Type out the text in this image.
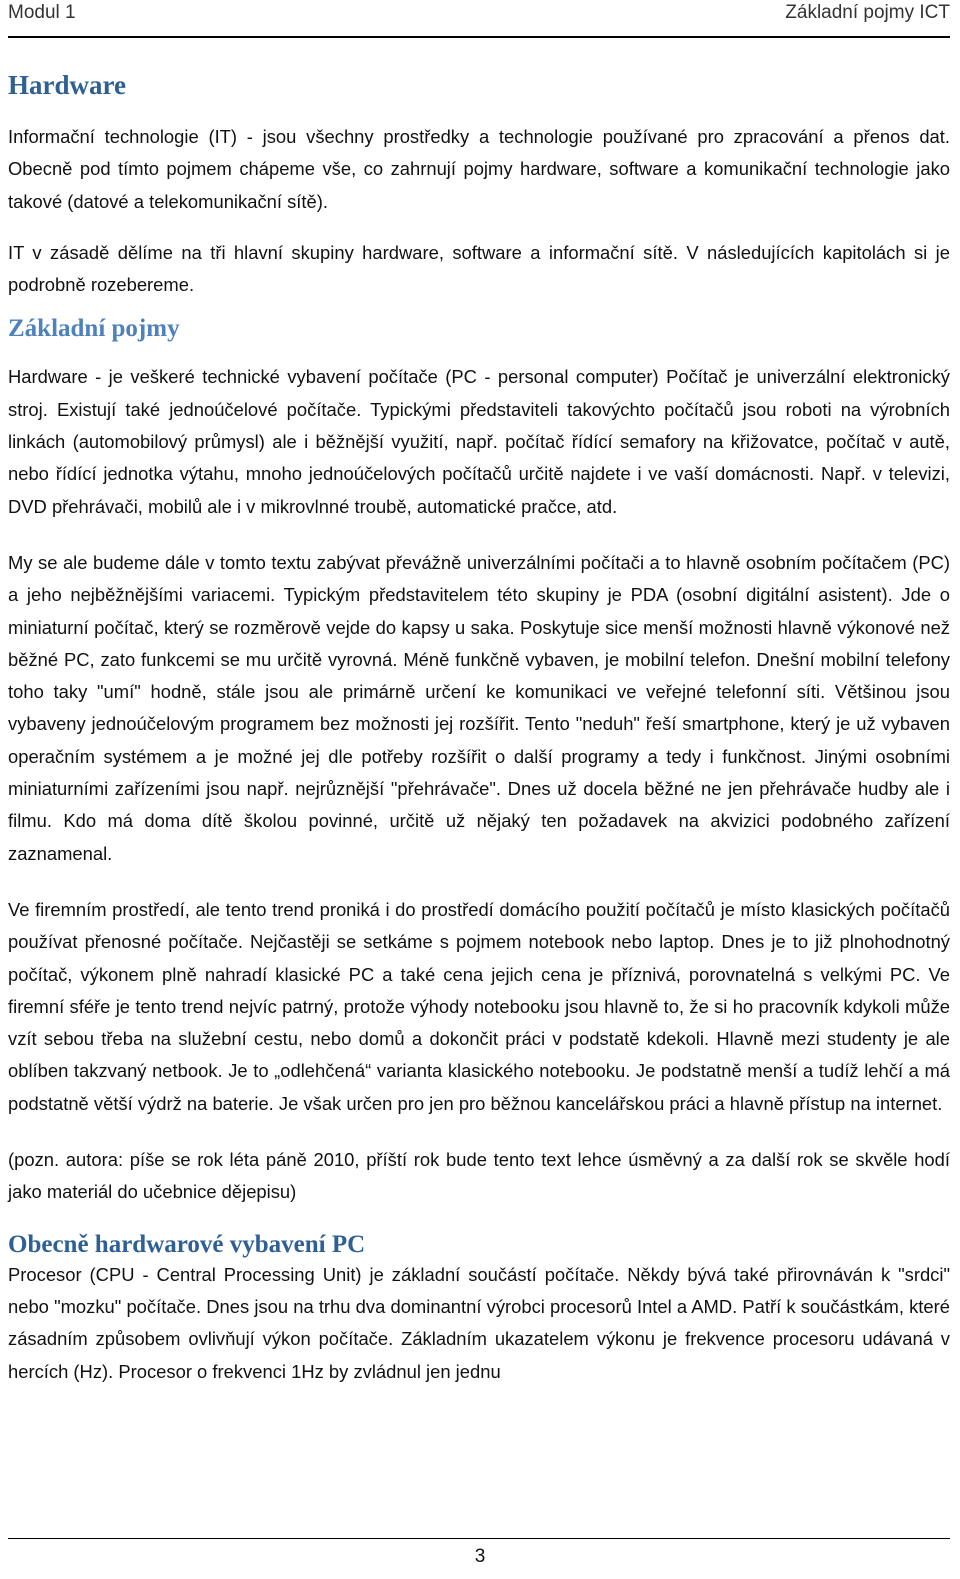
Modul 1	Základní pojmy ICT
Hardware

Informační technologie (IT) - jsou všechny prostředky a technologie používané pro zpracování a přenos dat. Obecně pod tímto pojmem chápeme vše, co zahrnují pojmy hardware, software a komunikační technologie jako takové (datové a telekomunikační sítě).

IT v zásadě dělíme na tři hlavní skupiny hardware, software a informační sítě. V následujících kapitolách si je podrobně rozebereme.

Základní pojmy

Hardware - je veškeré technické vybavení počítače (PC - personal computer) Počítač je univerzální elektronický stroj. Existují také jednoúčelové počítače. Typickými představiteli takovýchto počítačů jsou roboti na výrobních linkách (automobilový průmysl) ale i běžnější využití, např. počítač řídící semafory na křižovatce, počítač v autě, nebo řídící jednotka výtahu, mnoho jednoúčelových počítačů určitě najdete i ve vaší domácnosti. Např. v televizi, DVD přehrávači, mobilů ale i v mikrovlnné troubě, automatické pračce, atd.

My se ale budeme dále v tomto textu zabývat převážně univerzálními počítači a to hlavně osobním počítačem (PC) a jeho nejběžnějšími variacemi. Typickým představitelem této skupiny je PDA (osobní digitální asistent). Jde o miniaturní počítač, který se rozměrově vejde do kapsy u saka. Poskytuje sice menší možnosti hlavně výkonové než běžné PC, zato funkcemi se mu určitě vyrovná. Méně funkčně vybaven, je mobilní telefon. Dnešní mobilní telefony toho taky "umí" hodně, stále jsou ale primárně určení ke komunikaci ve veřejné telefonní síti. Většinou jsou vybaveny jednoúčelovým programem bez možnosti jej rozšířit. Tento "neduh" řeší smartphone, který je už vybaven operačním systémem a je možné jej dle potřeby rozšířit o další programy a tedy i funkčnost. Jinými osobními miniaturními zařízeními jsou např. nejrůznější "přehrávače". Dnes už docela běžné ne jen přehrávače hudby ale i filmu. Kdo má doma dítě školou povinné, určitě už nějaký ten požadavek na akvizici podobného zařízení zaznamenal.

Ve firemním prostředí, ale tento trend proniká i do prostředí domácího použití počítačů je místo klasických počítačů používat přenosné počítače. Nejčastěji se setkáme s pojmem notebook nebo laptop. Dnes je to již plnohodnotný počítač, výkonem plně nahradí klasické PC a také cena jejich cena je příznivá, porovnatelná s velkými PC. Ve firemní sféře je tento trend nejvíc patrný, protože výhody notebooku jsou hlavně to, že si ho pracovník kdykoli může vzít sebou třeba na služební cestu, nebo domů a dokončit práci v podstatě kdekoli. Hlavně mezi studenty je ale oblíben takzvaný netbook. Je to „odlehčená“ varianta klasického notebooku. Je podstatně menší a tudíž lehčí a má podstatně větší výdrž na baterie. Je však určen pro jen pro běžnou kancelářskou práci a hlavně přístup na internet.

(pozn. autora: píše se rok léta páně 2010, příští rok bude tento text lehce úsměvný a za další rok se skvěle hodí jako materiál do učebnice dějepisu)

Obecně hardwarové vybavení PC

Procesor (CPU - Central Processing Unit) je základní součástí počítače. Někdy bývá také přirovnáván k "srdci" nebo "mozku" počítače. Dnes jsou na trhu dva dominantní výrobci procesorů Intel a AMD. Patří k součástkám, které zásadním způsobem ovlivňují výkon počítače. Základním ukazatelem výkonu je frekvence procesoru udávaná v hercích (Hz). Procesor o frekvenci 1Hz by zvládnul jen jednu

3
